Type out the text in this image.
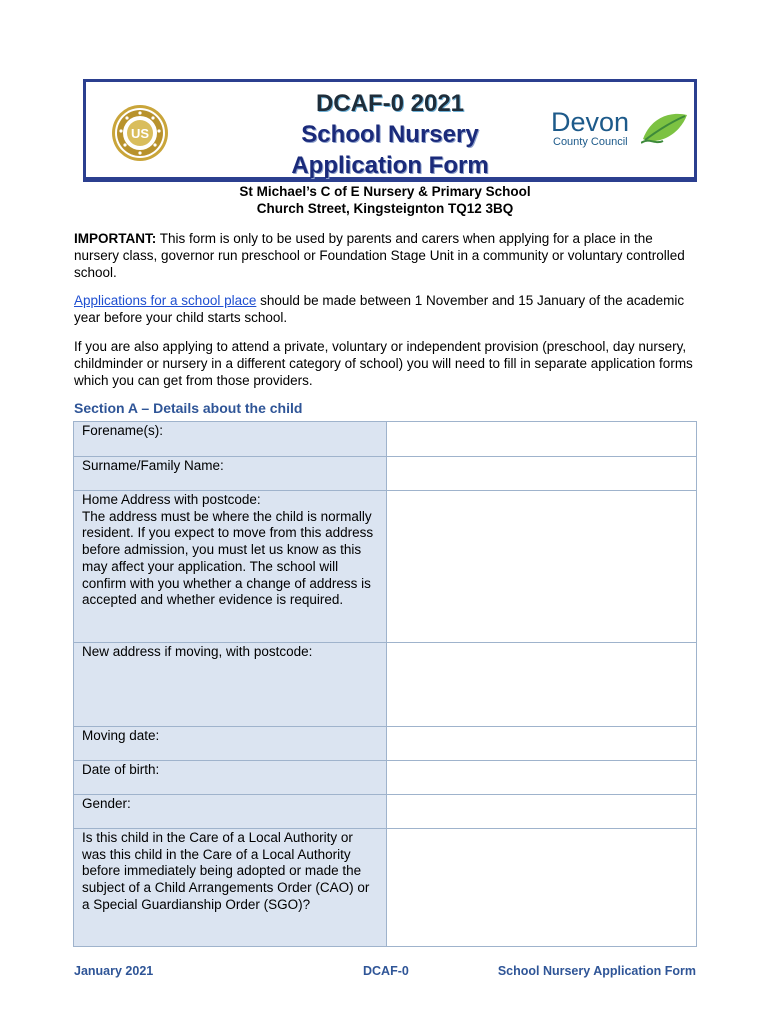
US
DCAF-0 2021
School Nursery
Application Form
Devon
County Council
St Michael’s C of E Nursery & Primary School
Church Street, Kingsteignton TQ12 3BQ

IMPORTANT: This form is only to be used by parents and carers when applying for a place in the nursery class, governor run preschool or Foundation Stage Unit in a community or voluntary controlled school.

Applications for a school place should be made between 1 November and 15 January of the academic year before your child starts school.

If you are also applying to attend a private, voluntary or independent provision (preschool, day nursery, childminder or nursery in a different category of school) you will need to fill in separate application forms which you can get from those providers.

Section A – Details about the child
Forename(s):	
Surname/Family Name:	
Home Address with postcode:
The address must be where the child is normally resident. If you expect to move from this address before admission, you must let us know as this may affect your application. The school will confirm with you whether a change of address is accepted and whether evidence is required.	
New address if moving, with postcode:	
Moving date:	
Date of birth:	
Gender:	
Is this child in the Care of a Local Authority or was this child in the Care of a Local Authority before immediately being adopted or made the subject of a Child Arrangements Order (CAO) or a Special Guardianship Order (SGO)?	
January 2021	DCAF-0	School Nursery Application Form
